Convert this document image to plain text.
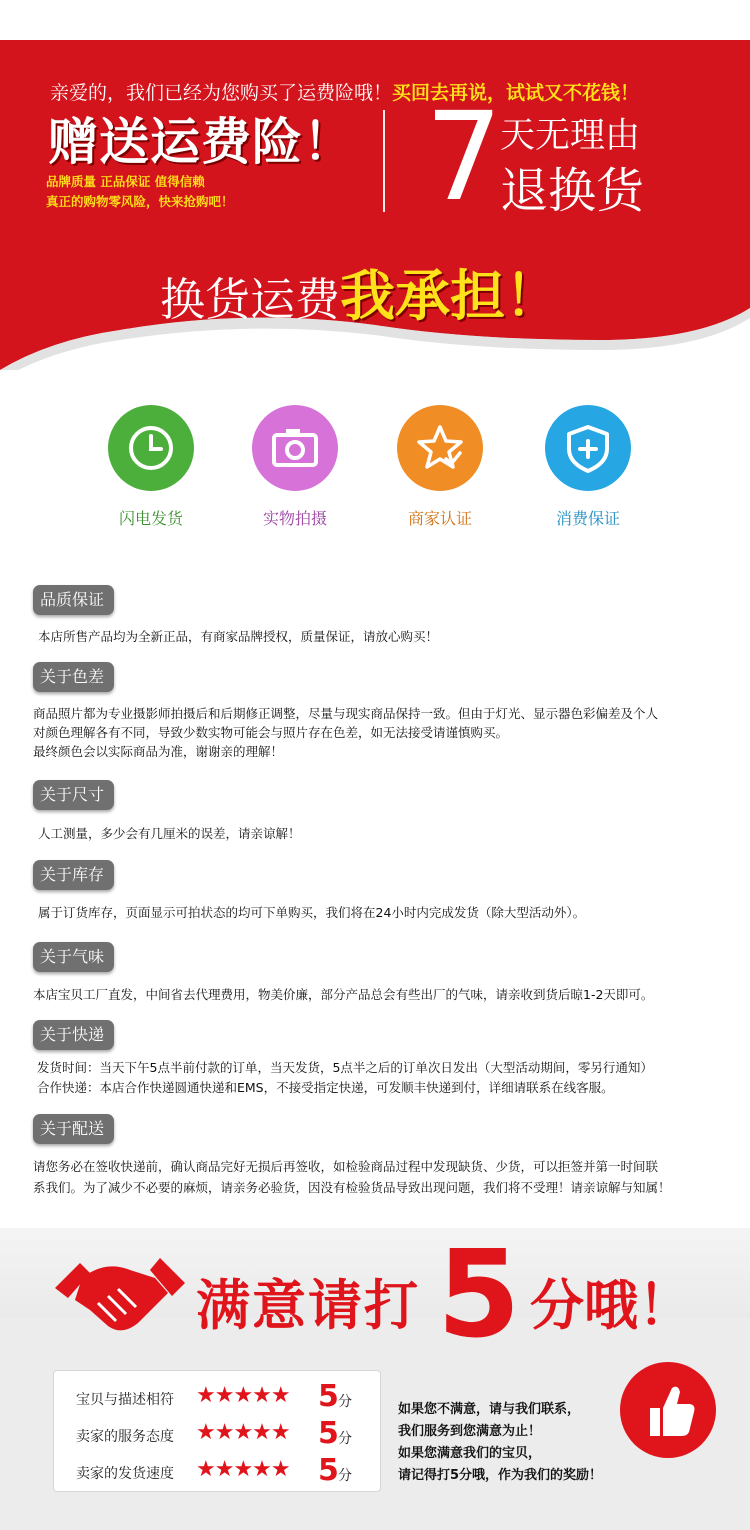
亲爱的，我们已经为您购买了运费险哦！买回去再说，试试又不花钱！
赠送运费险！
品牌质量 正品保证 值得信赖
真正的购物零风险，快来抢购吧！ 7
天无理由
退换货
换货运费我承担！
闪电发货	实物拍摄	商家认证	消费保证
品质保证
本店所售产品均为全新正品，有商家品牌授权，质量保证，请放心购买！
关于色差
商品照片都为专业摄影师拍摄后和后期修正调整，尽量与现实商品保持一致。但由于灯光、显示器色彩偏差及个人
对颜色理解各有不同，导致少数实物可能会与照片存在色差，如无法接受请谨慎购买。
最终颜色会以实际商品为准，谢谢亲的理解！
关于尺寸
人工测量，多少会有几厘米的误差，请亲谅解！
关于库存
属于订货库存，页面显示可拍状态的均可下单购买，我们将在24小时内完成发货（除大型活动外）。
关于气味
本店宝贝工厂直发，中间省去代理费用，物美价廉，部分产品总会有些出厂的气味，请亲收到货后晾1-2天即可。
关于快递
发货时间：当天下午5点半前付款的订单，当天发货，5点半之后的订单次日发出（大型活动期间，零另行通知）
合作快递：本店合作快递圆通快递和EMS，不接受指定快递，可发顺丰快递到付，详细请联系在线客服。
关于配送
请您务必在签收快递前，确认商品完好无损后再签收，如检验商品过程中发现缺货、少货，可以拒签并第一时间联
系我们。为了减少不必要的麻烦，请亲务必验货，因没有检验货品导致出现问题，我们将不受理！请亲谅解与知属！
满意请打 5 分哦！
宝贝与描述相符 ★★★★★ 5 分
卖家的服务态度 ★★★★★ 5 分
卖家的发货速度 ★★★★★ 5 分
如果您不满意，请与我们联系，
我们服务到您满意为止！
如果您满意我们的宝贝，
请记得打5分哦，作为我们的奖励！
